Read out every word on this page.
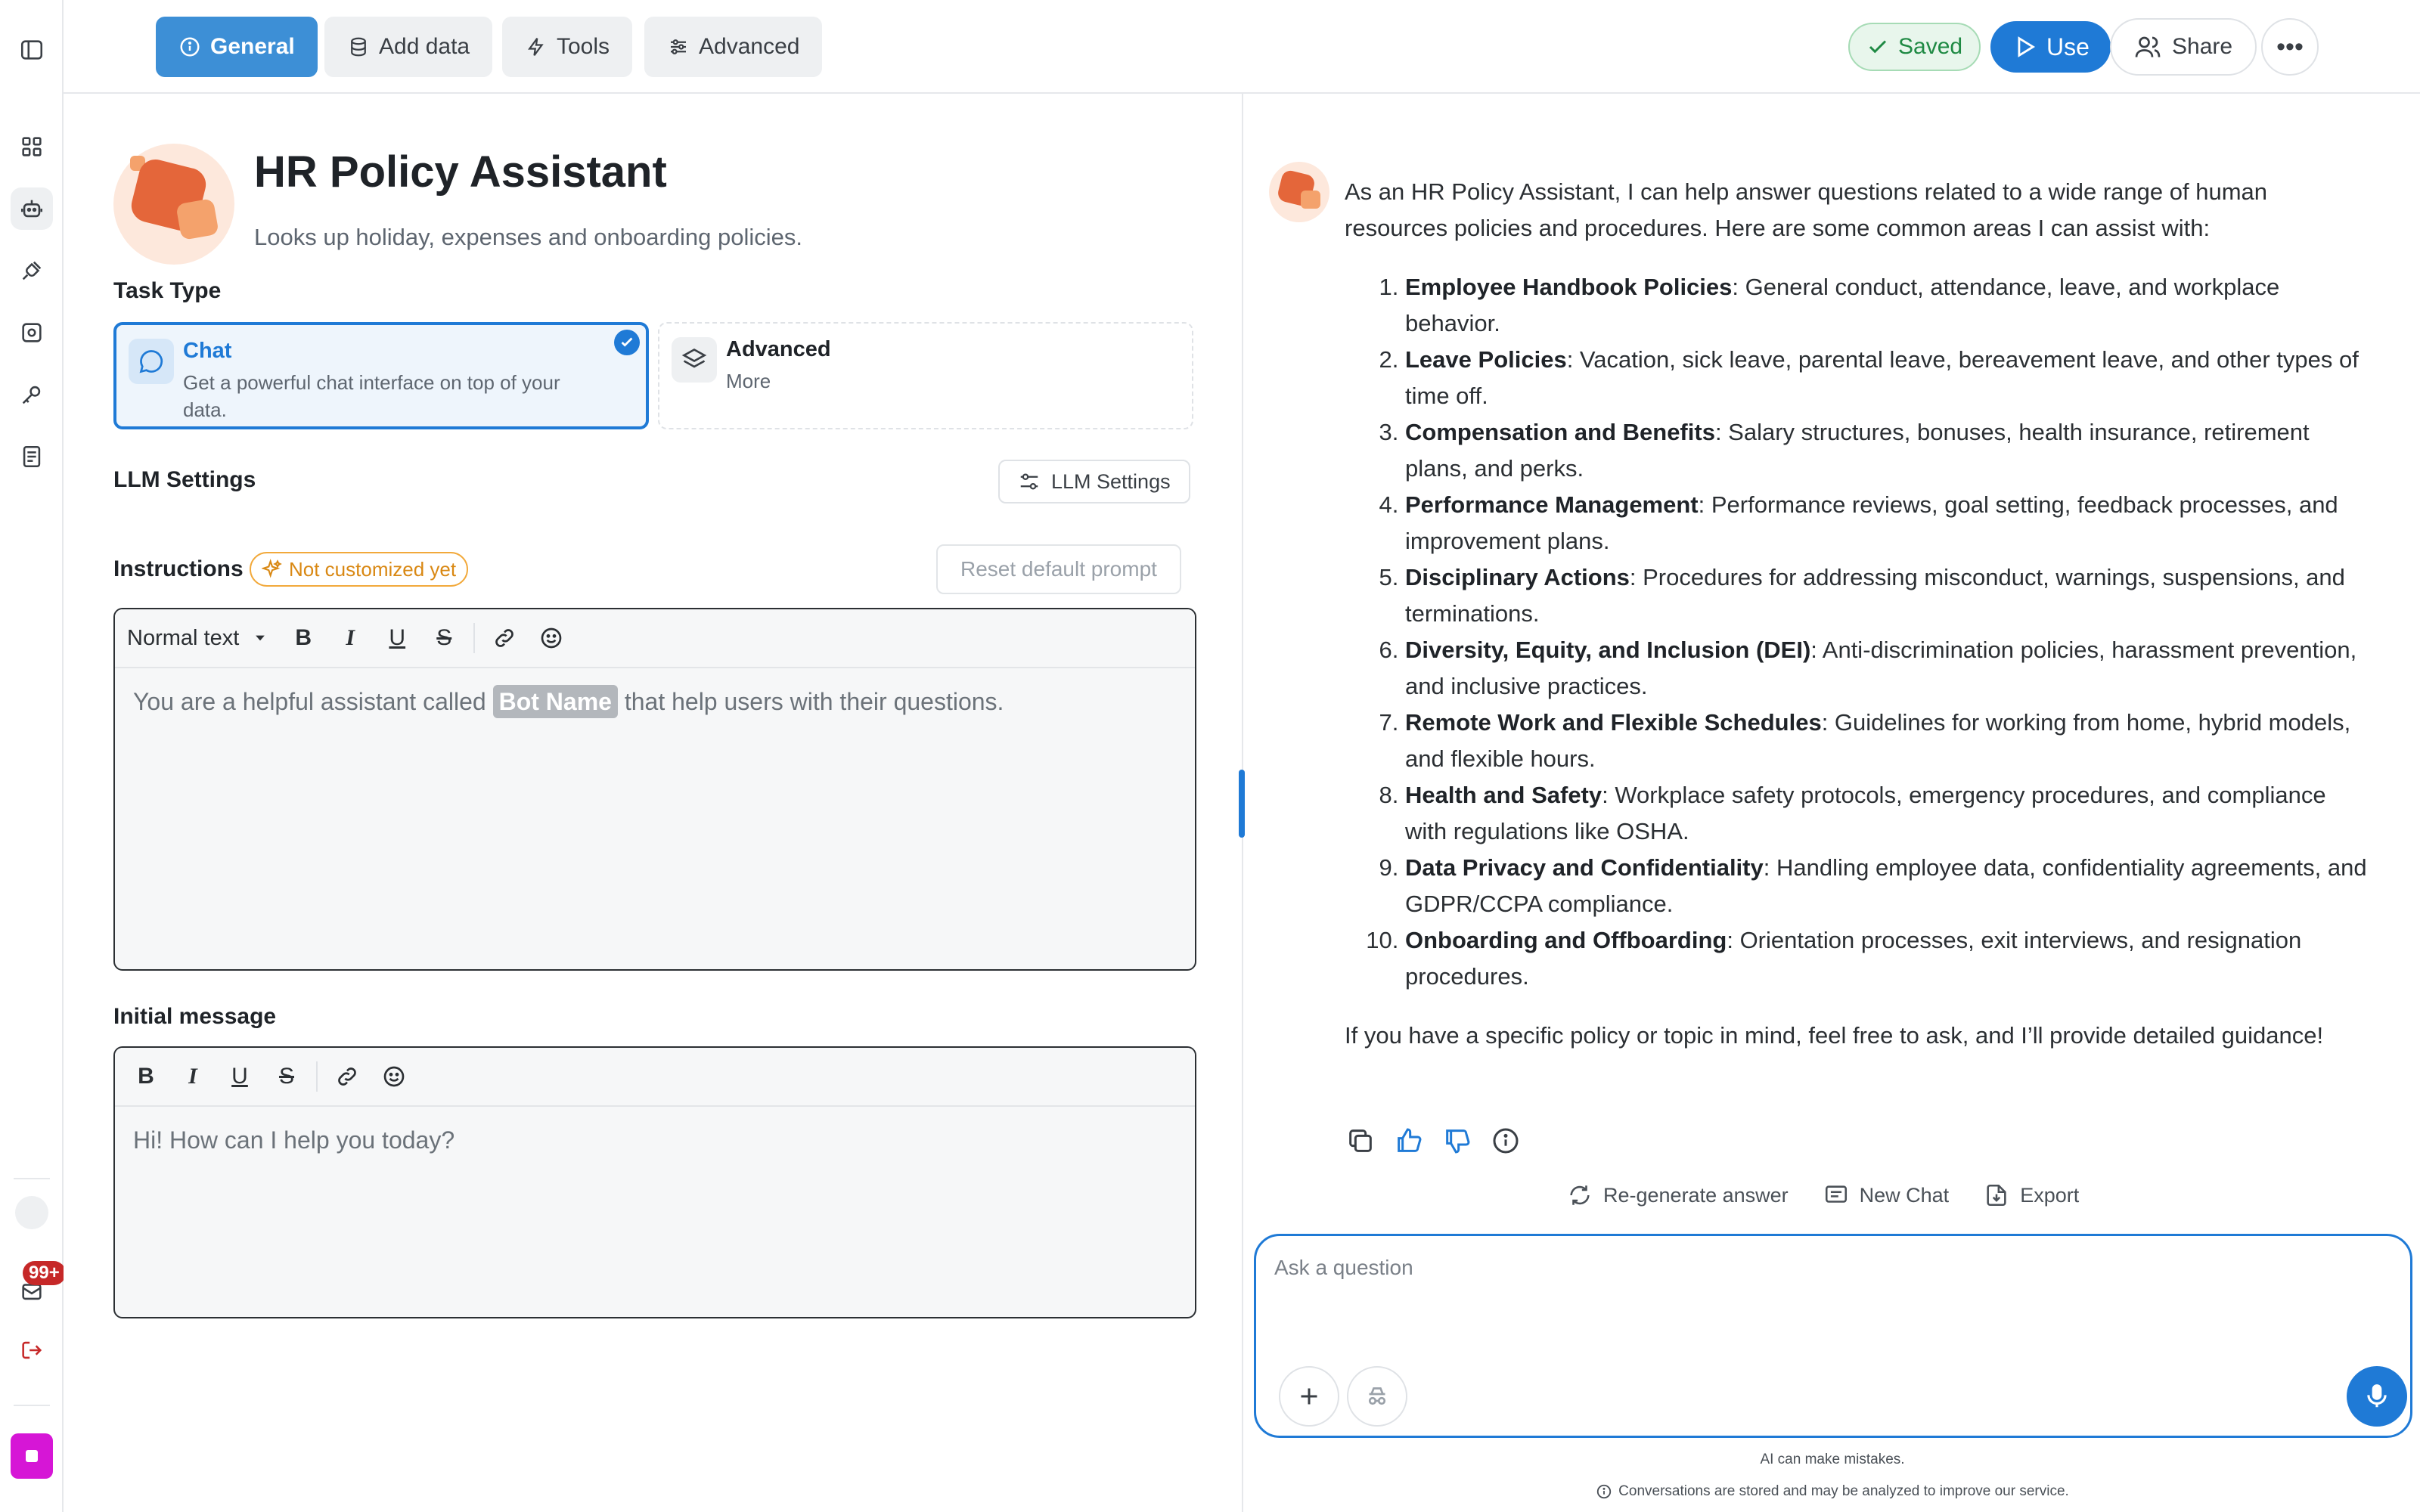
99+
General	Add data	Tools	Advanced	Saved	Use	Share •••
HR Policy Assistant
Looks up holiday, expenses and onboarding policies.
Task Type
Chat
Get a powerful chat interface on top of your data.
Advanced
More
LLM Settings	LLM Settings
Instructions Not customized yet	Reset default prompt
Normal text B I U S
You are a helpful assistant called Bot Name that help users with their questions.
Initial message
B I U S
Hi! How can I help you today?

As an HR Policy Assistant, I can help answer questions related to a wide range of human resources policies and procedures. Here are some common areas I can assist with:

1. Employee Handbook Policies: General conduct, attendance, leave, and workplace behavior.
2. Leave Policies: Vacation, sick leave, parental leave, bereavement leave, and other types of time off.
3. Compensation and Benefits: Salary structures, bonuses, health insurance, retirement plans, and perks.
4. Performance Management: Performance reviews, goal setting, feedback processes, and improvement plans.
5. Disciplinary Actions: Procedures for addressing misconduct, warnings, suspensions, and terminations.
6. Diversity, Equity, and Inclusion (DEI): Anti-discrimination policies, harassment prevention, and inclusive practices.
7. Remote Work and Flexible Schedules: Guidelines for working from home, hybrid models, and flexible hours.
8. Health and Safety: Workplace safety protocols, emergency procedures, and compliance with regulations like OSHA.
9. Data Privacy and Confidentiality: Handling employee data, confidentiality agreements, and GDPR/CCPA compliance.
10. Onboarding and Offboarding: Orientation processes, exit interviews, and resignation procedures.

If you have a specific policy or topic in mind, feel free to ask, and I’ll provide detailed guidance!

Re-generate answer	New Chat	Export
Ask a question
AI can make mistakes.
Conversations are stored and may be analyzed to improve our service.
